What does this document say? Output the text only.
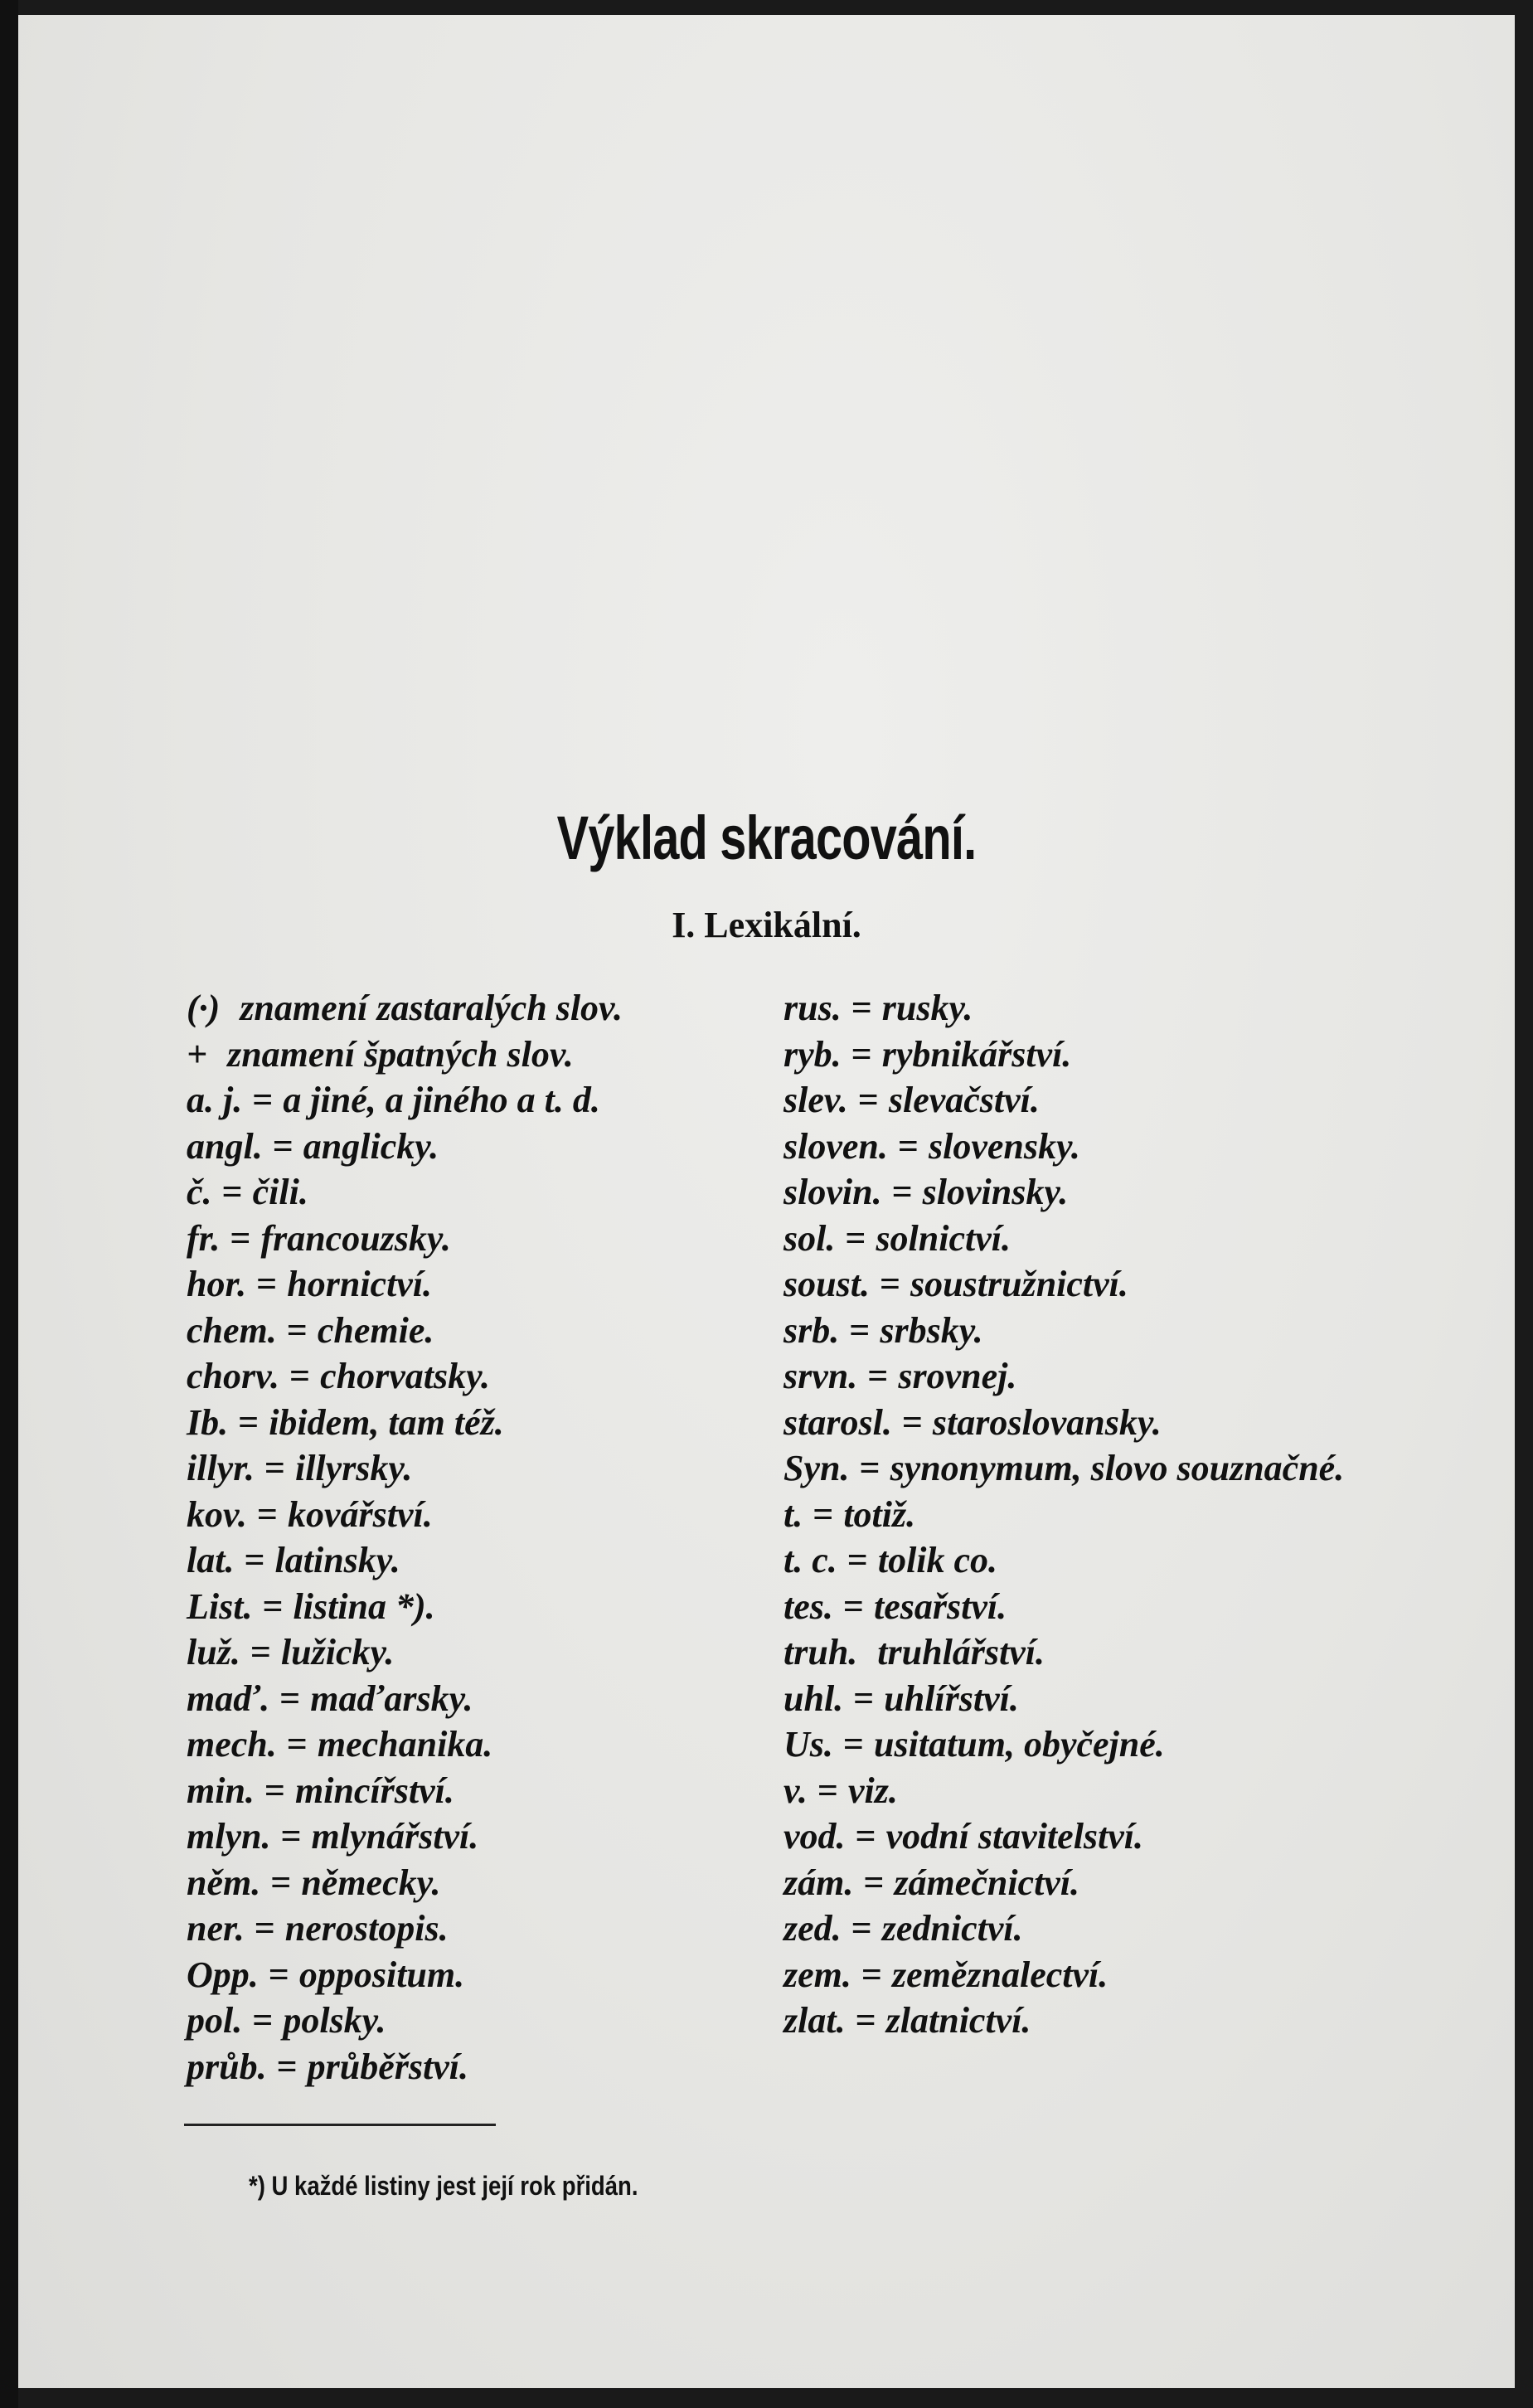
Výklad skracování.
I. Lexikální.
(·) znamení zastaralých slov.
+ znamení špatných slov.
a. j. = a jiné, a jiného a t. d.
angl. = anglicky.
č. = čili.
fr. = francouzsky.
hor. = hornictví.
chem. = chemie.
chorv. = chorvatsky.
Ib. = ibidem, tam též.
illyr. = illyrsky.
kov. = kovářství.
lat. = latinsky.
List. = listina *).
luž. = lužicky.
maď. = maďarsky.
mech. = mechanika.
min. = mincířství.
mlyn. = mlynářství.
něm. = německy.
ner. = nerostopis.
Opp. = oppositum.
pol. = polsky.
průb. = průběřství.
rus. = rusky.
ryb. = rybnikářství.
slev. = slevačství.
sloven. = slovensky.
slovin. = slovinsky.
sol. = solnictví.
soust. = soustružnictví.
srb. = srbsky.
srvn. = srovnej.
starosl. = staroslovansky.
Syn. = synonymum, slovo souznačné.
t. = totiž.
t. c. = tolik co.
tes. = tesařství.
truh. truhlářství.
uhl. = uhlířství.
Us. = usitatum, obyčejné.
v. = viz.
vod. = vodní stavitelství.
zám. = zámečnictví.
zed. = zednictví.
zem. = zeměznalectví.
zlat. = zlatnictví.
*) U každé listiny jest její rok přidán.
